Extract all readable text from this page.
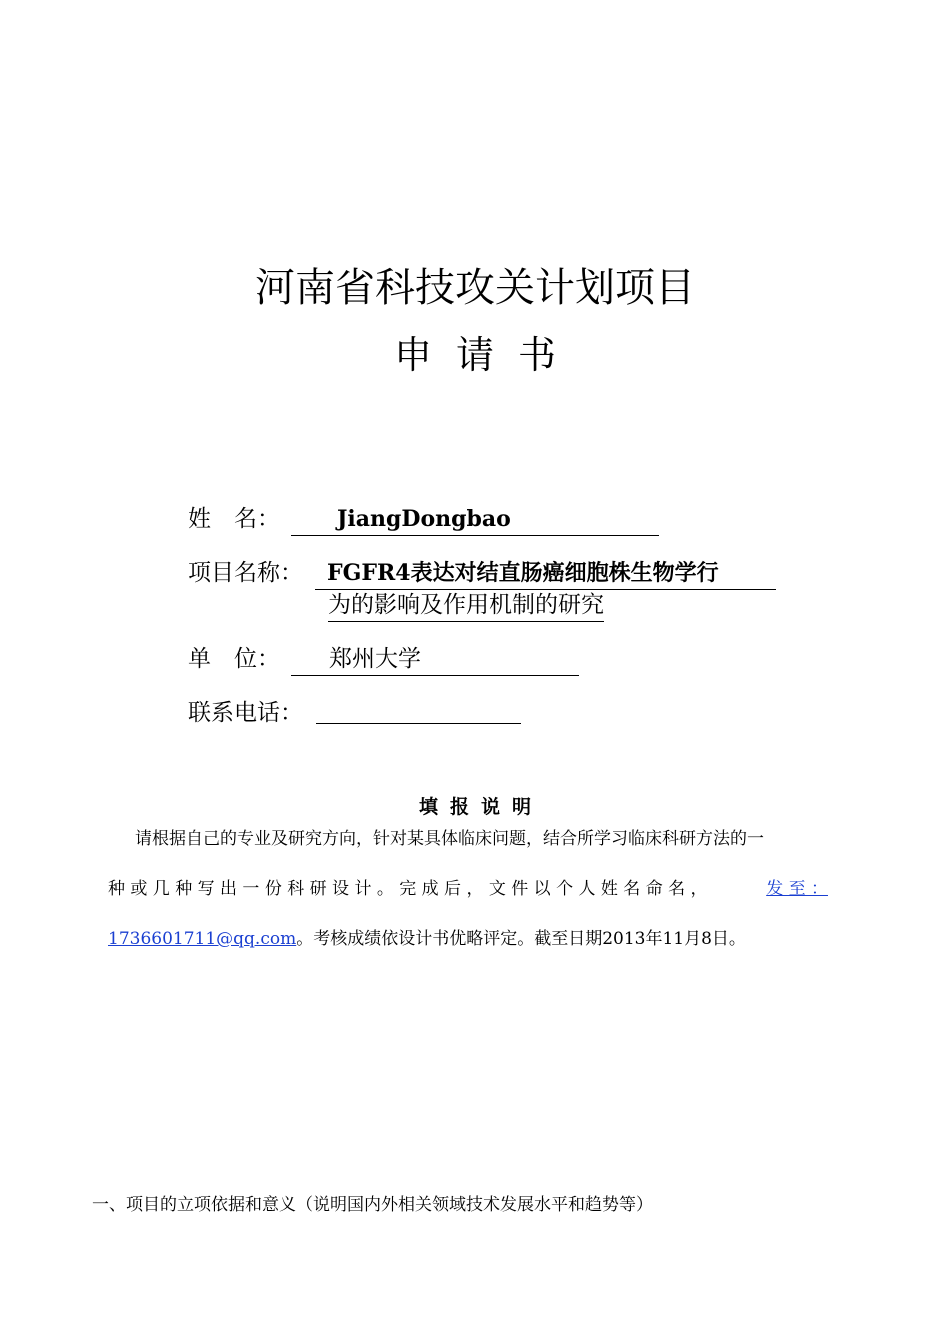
河南省科技攻关计划项目
申请书
姓　名：	JiangDongbao
项目名称：	FGFR4表达对结直肠癌细胞株生物学行
为的影响及作用机制的研究
单　位：	郑州大学
联系电话：
填报说明
请根据自己的专业及研究方向，针对某具体临床问题，结合所学习临床科研方法的一
种 或 几 种 写 出 一 份 科 研 设 计 。 完 成 后 ， 文 件 以 个 人 姓 名 命 名 ，	发 至 ：
1736601711@qq.com。考核成绩依设计书优略评定。截至日期2013年11月8日。
一、项目的立项依据和意义（说明国内外相关领域技术发展水平和趋势等）
